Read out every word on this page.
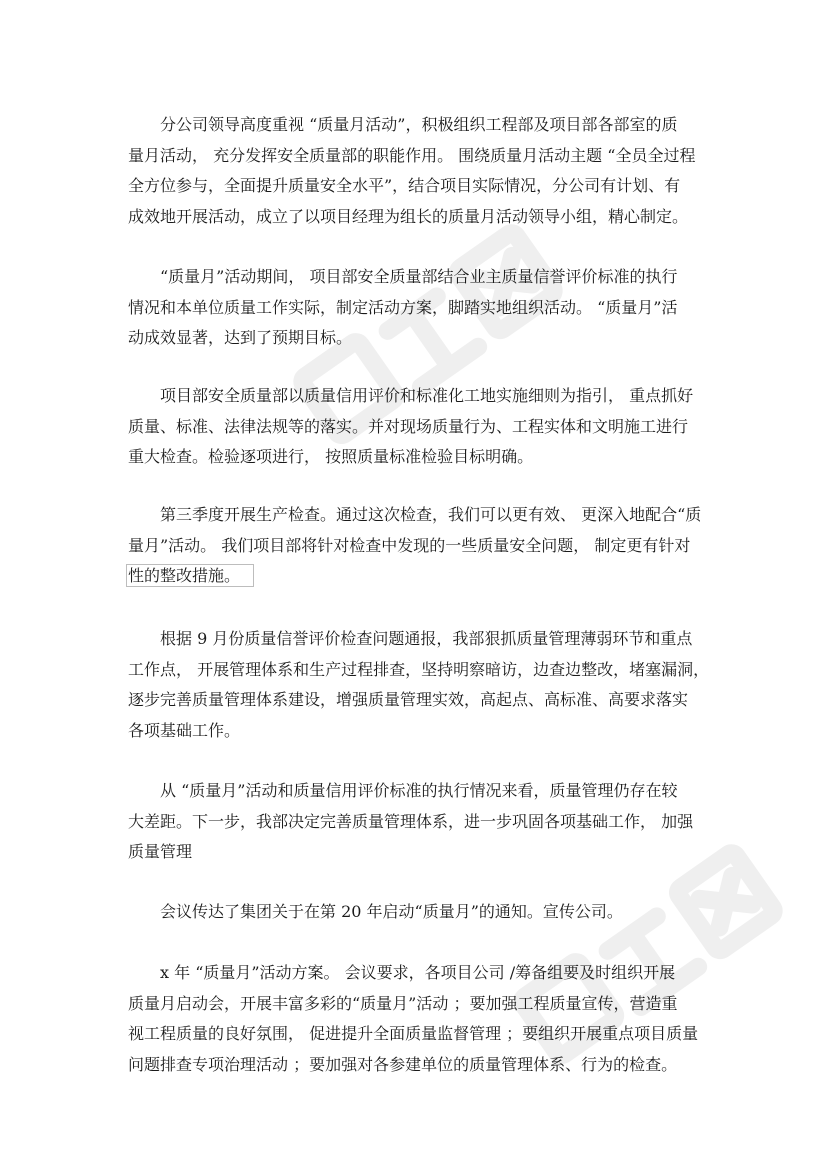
分公司领导高度重视 “质量月活动”，积极组织工程部及项目部各部室的质
量月活动， 充分发挥安全质量部的职能作用。 围绕质量月活动主题 “全员全过程
全方位参与，全面提升质量安全水平”，结合项目实际情况，分公司有计划、有
成效地开展活动，成立了以项目经理为组长的质量月活动领导小组，精心制定。
“质量月”活动期间， 项目部安全质量部结合业主质量信誉评价标准的执行
情况和本单位质量工作实际，制定活动方案，脚踏实地组织活动。 “质量月”活
动成效显著，达到了预期目标。
项目部安全质量部以质量信用评价和标准化工地实施细则为指引， 重点抓好
质量、标准、法律法规等的落实。并对现场质量行为、工程实体和文明施工进行
重大检查。检验逐项进行， 按照质量标准检验目标明确。
第三季度开展生产检查。通过这次检查，我们可以更有效、 更深入地配合“质
量月”活动。 我们项目部将针对检查中发现的一些质量安全问题， 制定更有针对
性的整改措施。
根据 9 月份质量信誉评价检查问题通报，我部狠抓质量管理薄弱环节和重点
工作点， 开展管理体系和生产过程排查，坚持明察暗访，边查边整改，堵塞漏洞，
逐步完善质量管理体系建设，增强质量管理实效，高起点、高标准、高要求落实
各项基础工作。
从 “质量月”活动和质量信用评价标准的执行情况来看，质量管理仍存在较
大差距。下一步，我部决定完善质量管理体系，进一步巩固各项基础工作， 加强
质量管理
会议传达了集团关于在第 20 年启动“质量月”的通知。宣传公司。
x 年 “质量月”活动方案。 会议要求，各项目公司 /筹备组要及时组织开展
质量月启动会，开展丰富多彩的“质量月”活动 ；要加强工程质量宣传，营造重
视工程质量的良好氛围， 促进提升全面质量监督管理 ；要组织开展重点项目质量
问题排查专项治理活动 ；要加强对各参建单位的质量管理体系、行为的检查。
